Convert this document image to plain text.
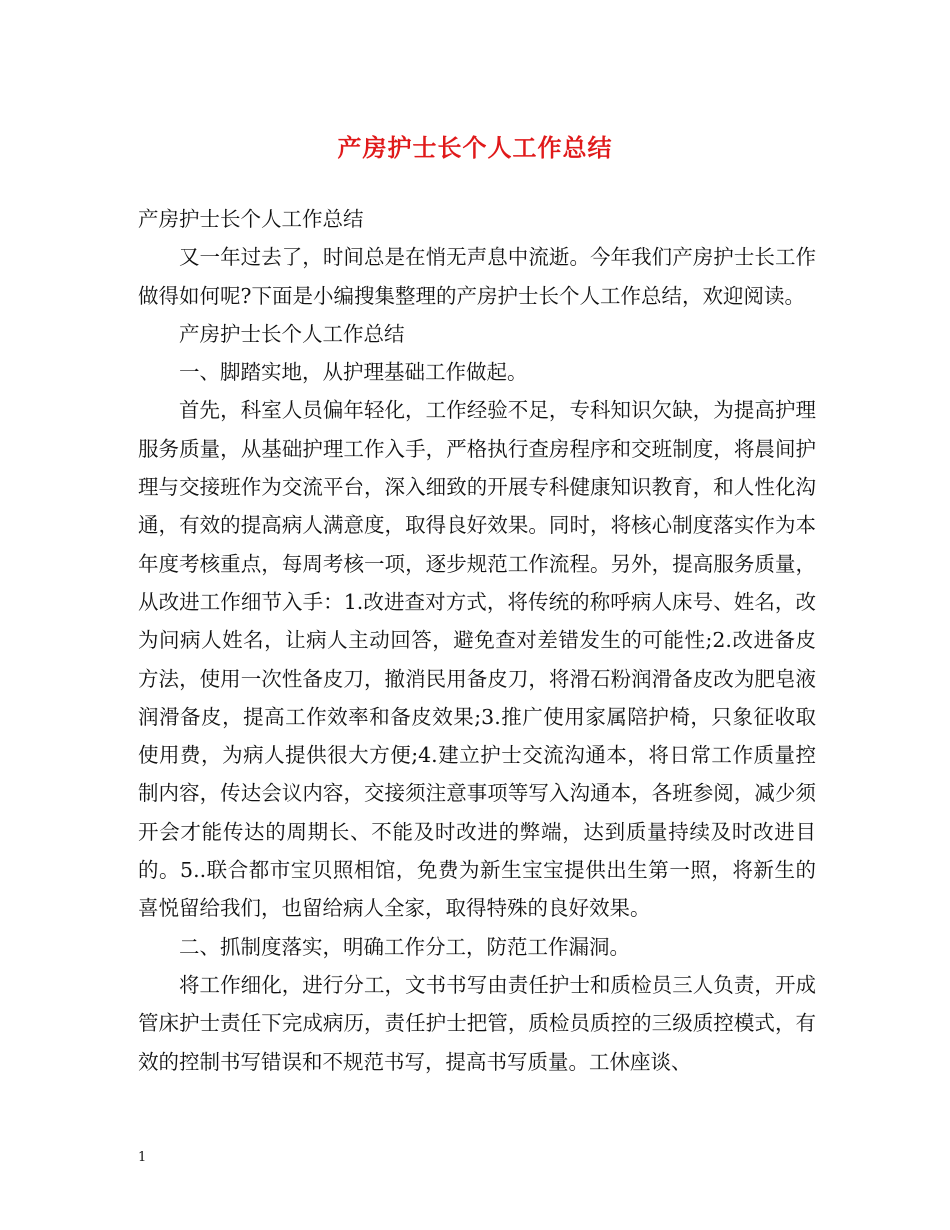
产房护士长个人工作总结

产房护士长个人工作总结

又一年过去了，时间总是在悄无声息中流逝。今年我们产房护士长工作做得如何呢?下面是小编搜集整理的产房护士长个人工作总结，欢迎阅读。

产房护士长个人工作总结

一、脚踏实地，从护理基础工作做起。

首先，科室人员偏年轻化，工作经验不足，专科知识欠缺，为提高护理服务质量，从基础护理工作入手，严格执行查房程序和交班制度，将晨间护理与交接班作为交流平台，深入细致的开展专科健康知识教育，和人性化沟通，有效的提高病人满意度，取得良好效果。同时，将核心制度落实作为本年度考核重点，每周考核一项，逐步规范工作流程。另外，提高服务质量，从改进工作细节入手：1.改进查对方式，将传统的称呼病人床号、姓名，改为问病人姓名，让病人主动回答，避免查对差错发生的可能性;2.改进备皮方法，使用一次性备皮刀，撤消民用备皮刀，将滑石粉润滑备皮改为肥皂液润滑备皮，提高工作效率和备皮效果;3.推广使用家属陪护椅，只象征收取使用费，为病人提供很大方便;4.建立护士交流沟通本，将日常工作质量控制内容，传达会议内容，交接须注意事项等写入沟通本，各班参阅，减少须开会才能传达的周期长、不能及时改进的弊端，达到质量持续及时改进目的。5..联合都市宝贝照相馆，免费为新生宝宝提供出生第一照，将新生的喜悦留给我们，也留给病人全家，取得特殊的良好效果。

二、抓制度落实，明确工作分工，防范工作漏洞。

将工作细化，进行分工，文书书写由责任护士和质检员三人负责，开成管床护士责任下完成病历，责任护士把管，质检员质控的三级质控模式，有效的控制书写错误和不规范书写，提高书写质量。工休座谈、

1
